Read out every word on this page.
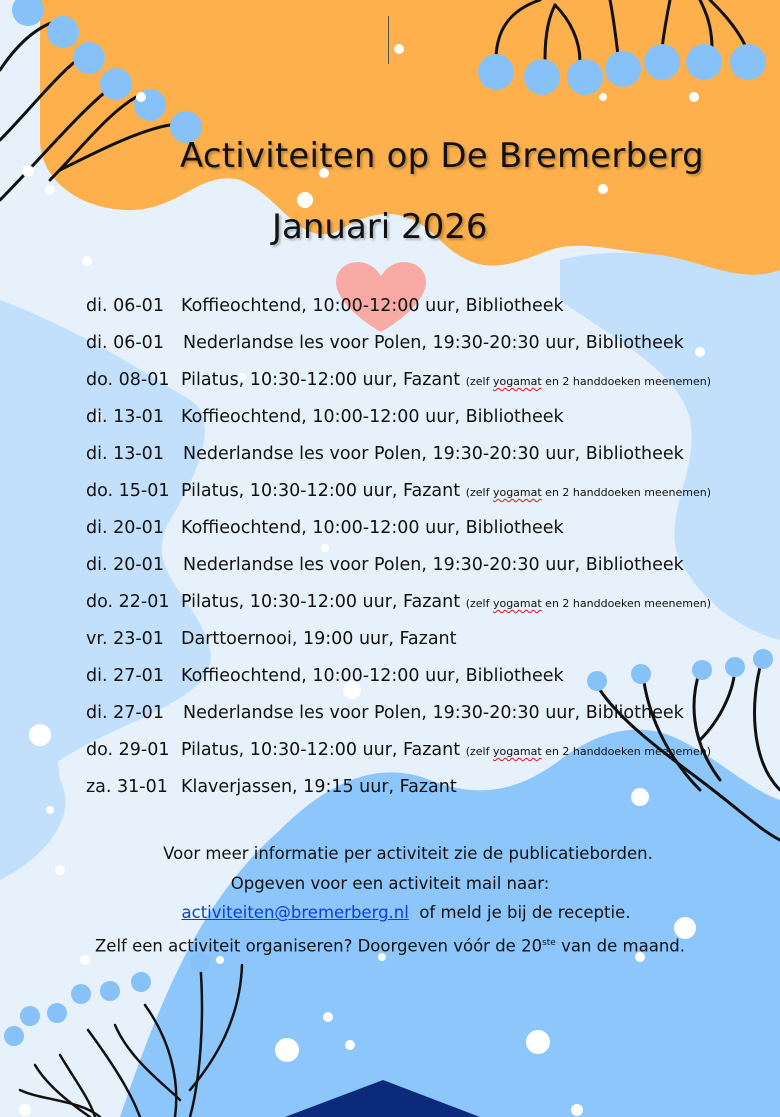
Activiteiten op De Bremerberg
Januari 2026
di. 06-01 Koffieochtend, 10:00-12:00 uur, Bibliotheek
di. 06-01 Nederlandse les voor Polen, 19:30-20:30 uur, Bibliotheek
do. 08-01 Pilatus, 10:30-12:00 uur, Fazant (zelf yogamat en 2 handdoeken meenemen)
di. 13-01 Koffieochtend, 10:00-12:00 uur, Bibliotheek
di. 13-01 Nederlandse les voor Polen, 19:30-20:30 uur, Bibliotheek
do. 15-01 Pilatus, 10:30-12:00 uur, Fazant (zelf yogamat en 2 handdoeken meenemen)
di. 20-01 Koffieochtend, 10:00-12:00 uur, Bibliotheek
di. 20-01 Nederlandse les voor Polen, 19:30-20:30 uur, Bibliotheek
do. 22-01 Pilatus, 10:30-12:00 uur, Fazant (zelf yogamat en 2 handdoeken meenemen)
vr. 23-01 Darttoernooi, 19:00 uur, Fazant
di. 27-01 Koffieochtend, 10:00-12:00 uur, Bibliotheek
di. 27-01 Nederlandse les voor Polen, 19:30-20:30 uur, Bibliotheek
do. 29-01 Pilatus, 10:30-12:00 uur, Fazant (zelf yogamat en 2 handdoeken meenemen)
za. 31-01 Klaverjassen, 19:15 uur, Fazant
Voor meer informatie per activiteit zie de publicatieborden.
Opgeven voor een activiteit mail naar:
activiteiten@bremerberg.nl  of meld je bij de receptie.
Zelf een activiteit organiseren? Doorgeven vóór de 20ste van de maand.
